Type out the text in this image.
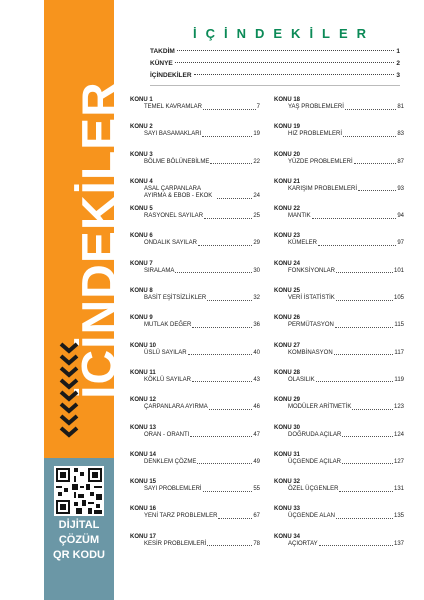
İÇİNDEKİLER
DİJİTAL
ÇÖZÜM
QR KODU
İÇİNDEKİLER
TAKDİM	1
KÜNYE	2
İÇİNDEKİLER	3
KONU 1
TEMEL KAVRAMLAR	7
KONU 2
SAYI BASAMAKLARI	19
KONU 3
BÖLME BÖLÜNEBİLME	22
KONU 4
ASAL ÇARPANLARA AYIRMA & EBOB - EKOK	24
KONU 5
RASYONEL SAYILAR	25
KONU 6
ONDALIK SAYILAR	29
KONU 7
SIRALAMA	30
KONU 8
BASİT EŞİTSİZLİKLER	32
KONU 9
MUTLAK DEĞER	36
KONU 10
ÜSLÜ SAYILAR	40
KONU 11
KÖKLÜ SAYILAR	43
KONU 12
ÇARPANLARA AYIRMA	46
KONU 13
ORAN - ORANTI	47
KONU 14
DENKLEM ÇÖZME	49
KONU 15
SAYI PROBLEMLERİ	55
KONU 16
YENİ TARZ PROBLEMLER	67
KONU 17
KESİR PROBLEMLERİ	78
KONU 18
YAŞ PROBLEMLERİ	81
KONU 19
HIZ PROBLEMLERİ	83
KONU 20
YÜZDE PROBLEMLERİ	87
KONU 21
KARIŞIM PROBLEMLERİ	93
KONU 22
MANTIK	94
KONU 23
KÜMELER	97
KONU 24
FONKSİYONLAR	101
KONU 25
VERİ İSTATİSTİK	105
KONU 26
PERMÜTASYON	115
KONU 27
KOMBİNASYON	117
KONU 28
OLASILIK	119
KONU 29
MODÜLER ARİTMETİK	123
KONU 30
DOĞRUDA AÇILAR	124
KONU 31
ÜÇGENDE AÇILAR	127
KONU 32
ÖZEL ÜÇGENLER	131
KONU 33
ÜÇGENDE ALAN	135
KONU 34
AÇIORTAY	137
